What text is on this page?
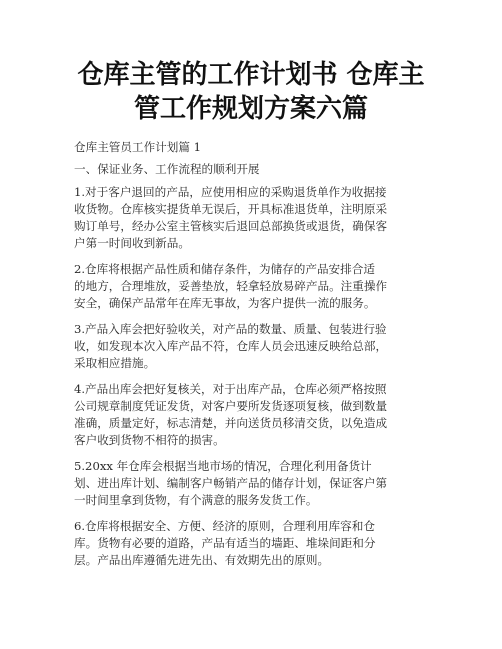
仓库主管的工作计划书 仓库主
管工作规划方案六篇

仓库主管员工作计划篇 1

一、保证业务、工作流程的顺利开展

1.对于客户退回的产品，应使用相应的采购退货单作为收据接

收货物。仓库核实提货单无误后，开具标准退货单，注明原采

购订单号，经办公室主管核实后退回总部换货或退货，确保客

户第一时间收到新品。

2.仓库将根据产品性质和储存条件，为储存的产品安排合适

的地方，合理堆放，妥善垫放，轻拿轻放易碎产品。注重操作

安全，确保产品常年在库无事故，为客户提供一流的服务。

3.产品入库会把好验收关，对产品的数量、质量、包装进行验

收，如发现本次入库产品不符，仓库人员会迅速反映给总部，

采取相应措施。

4.产品出库会把好复核关，对于出库产品，仓库必须严格按照

公司规章制度凭证发货，对客户要所发货逐项复核，做到数量

准确，质量定好，标志清楚，并向送货员移清交货，以免造成

客户收到货物不相符的损害。

5.20xx 年仓库会根据当地市场的情况，合理化利用备货计

划、进出库计划、编制客户畅销产品的储存计划，保证客户第

一时间里拿到货物，有个满意的服务发货工作。

6.仓库将根据安全、方便、经济的原则，合理利用库容和仓

库。货物有必要的道路，产品有适当的墙距、堆垛间距和分

层。产品出库遵循先进先出、有效期先出的原则。
